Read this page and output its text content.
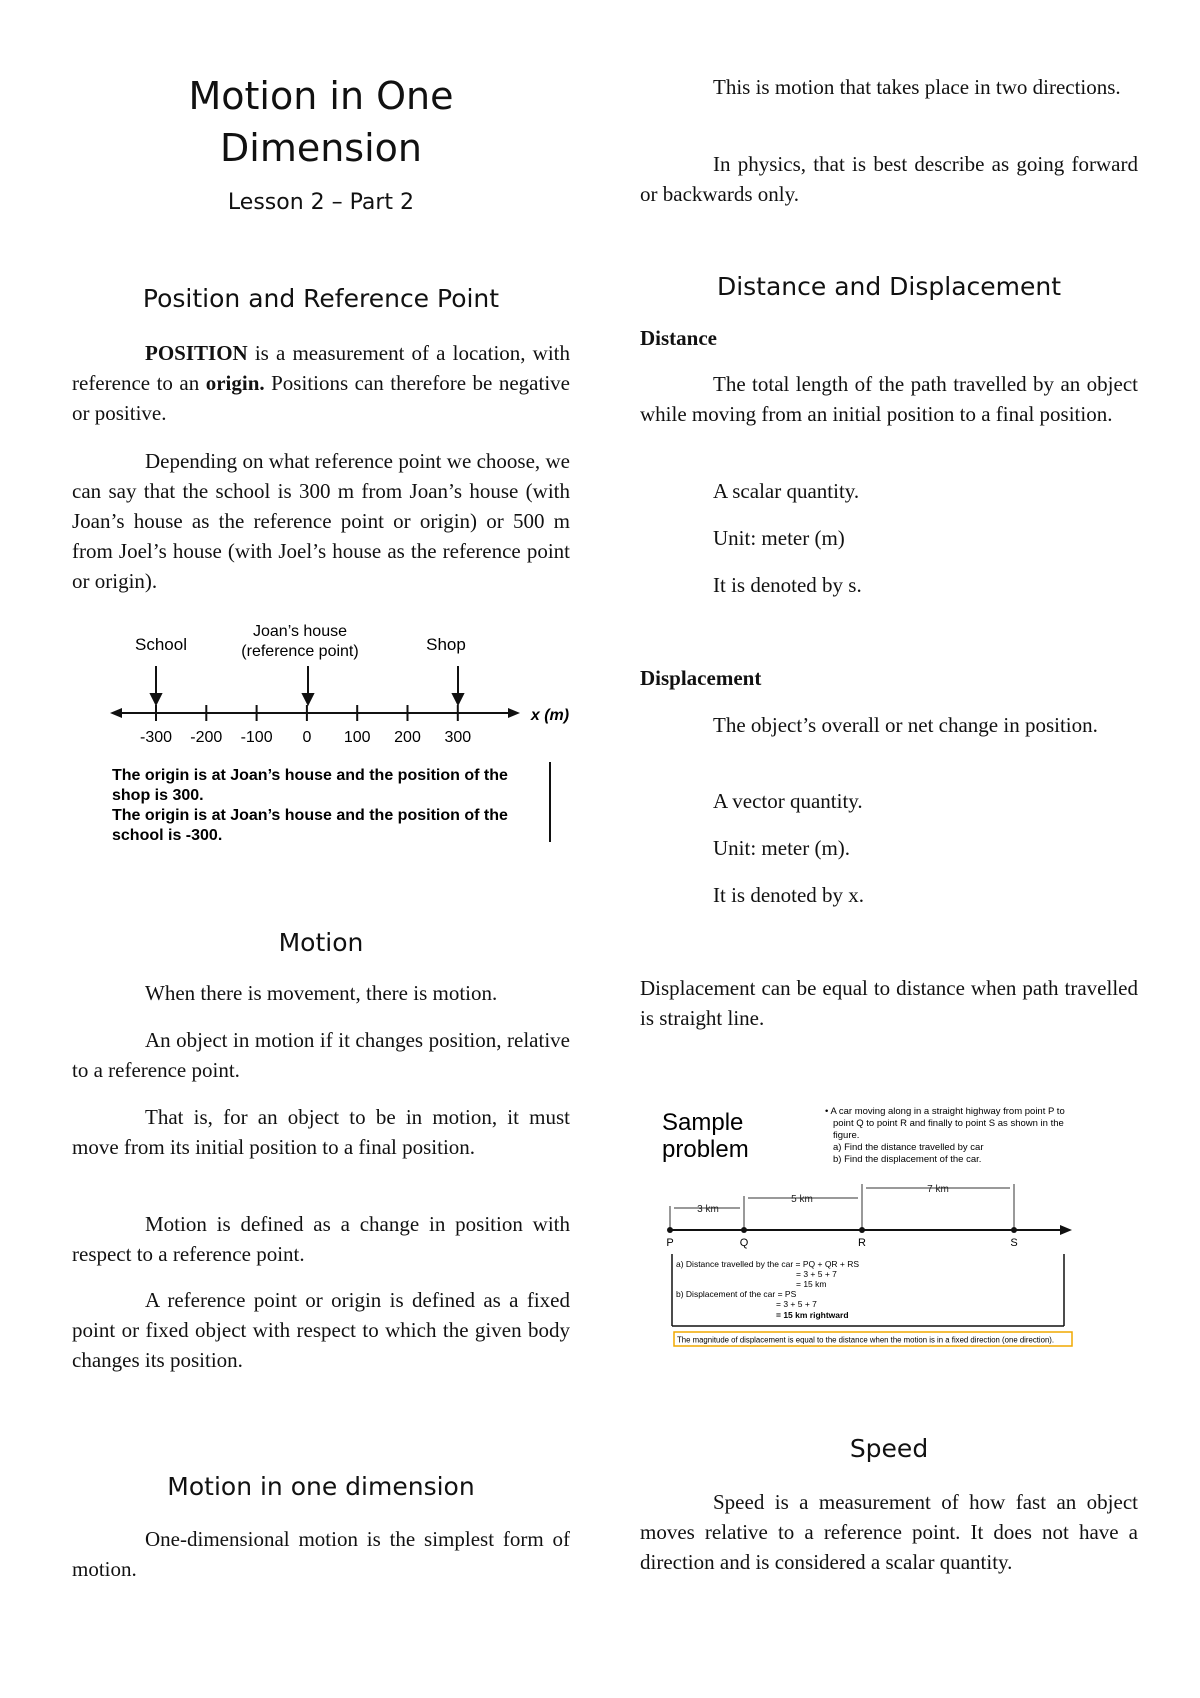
Motion in One
Dimension
Lesson 2 – Part 2
Position and Reference Point

POSITION is a measurement of a location, with reference to an origin. Positions can therefore be negative or positive.

Depending on what reference point we choose, we can say that the school is 300 m from Joan’s house (with Joan’s house as the reference point or origin) or 500 m from Joel’s house (with Joel’s house as the reference point or origin).

School
Joan’s house
(reference point)	Shop
x (m)
-300 -200 -100 0 100 200 300
The origin is at Joan’s house and the position of the
shop is 300.
The origin is at Joan’s house and the position of the
school is -300.
Motion

When there is movement, there is motion.

An object in motion if it changes position, relative to a reference point.

That is, for an object to be in motion, it must move from its initial position to a final position.

Motion is defined as a change in position with respect to a reference point.

A reference point or origin is defined as a fixed point or fixed object with respect to which the given body changes its position.

Motion in one dimension

One-dimensional motion is the simplest form of motion.

This is motion that takes place in two directions.

In physics, that is best describe as going forward or backwards only.

Distance and Displacement

Distance

The total length of the path travelled by an object while moving from an initial position to a final position.

A scalar quantity.

Unit: meter (m)

It is denoted by s.

Displacement

The object’s overall or net change in position.

A vector quantity.

Unit: meter (m).

It is denoted by x.

Displacement can be equal to distance when path travelled is straight line.

Sample
problem
• A car moving along in a straight highway from point P to
point Q to point R and finally to point S as shown in the
figure.
a) Find the distance travelled by car
b) Find the displacement of the car.
3 km
5 km
7 km
P	Q	R	S
a) Distance travelled by the car = PQ + QR + RS
= 3 + 5 + 7
= 15 km
b) Displacement of the car = PS
= 3 + 5 + 7
= 15 km rightward
The magnitude of displacement is equal to the distance when the motion is in a fixed direction (one direction).
Speed

Speed is a measurement of how fast an object moves relative to a reference point. It does not have a direction and is considered a scalar quantity.
